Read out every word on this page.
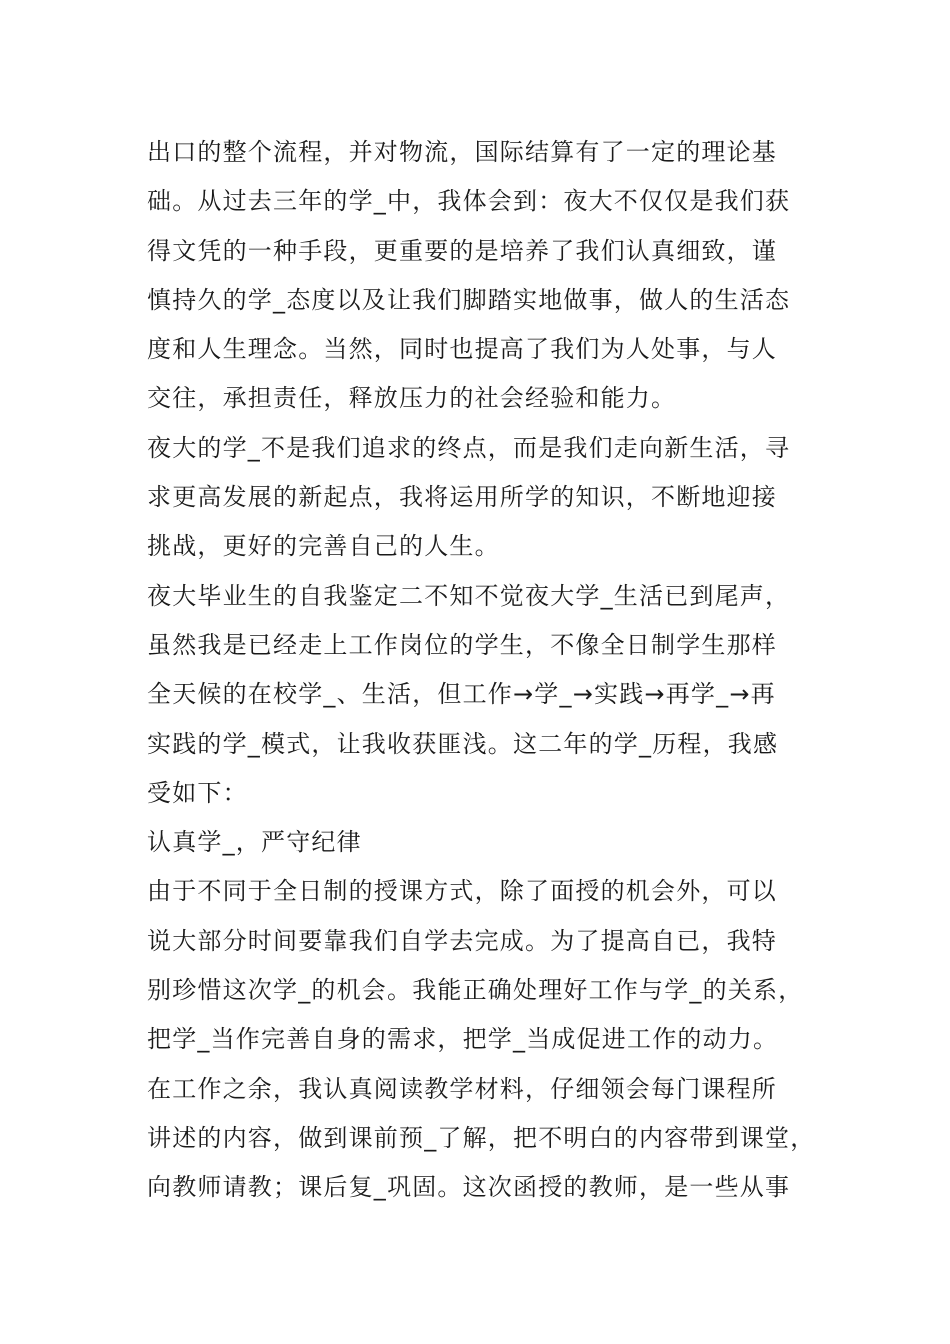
出口的整个流程，并对物流，国际结算有了一定的理论基
础。从过去三年的学_中，我体会到：夜大不仅仅是我们获
得文凭的一种手段，更重要的是培养了我们认真细致，谨
慎持久的学_态度以及让我们脚踏实地做事，做人的生活态
度和人生理念。当然，同时也提高了我们为人处事，与人
交往，承担责任，释放压力的社会经验和能力。
夜大的学_不是我们追求的终点，而是我们走向新生活，寻
求更高发展的新起点，我将运用所学的知识，不断地迎接
挑战，更好的完善自己的人生。
夜大毕业生的自我鉴定二不知不觉夜大学_生活已到尾声，
虽然我是已经走上工作岗位的学生，不像全日制学生那样
全天候的在校学_、生活，但工作→学_→实践→再学_→再
实践的学_模式，让我收获匪浅。这二年的学_历程，我感
受如下：
认真学_，严守纪律
由于不同于全日制的授课方式，除了面授的机会外，可以
说大部分时间要靠我们自学去完成。为了提高自已，我特
别珍惜这次学_的机会。我能正确处理好工作与学_的关系，
把学_当作完善自身的需求，把学_当成促进工作的动力。
在工作之余，我认真阅读教学材料，仔细领会每门课程所
讲述的内容，做到课前预_了解，把不明白的内容带到课堂，
向教师请教；课后复_巩固。这次函授的教师，是一些从事
